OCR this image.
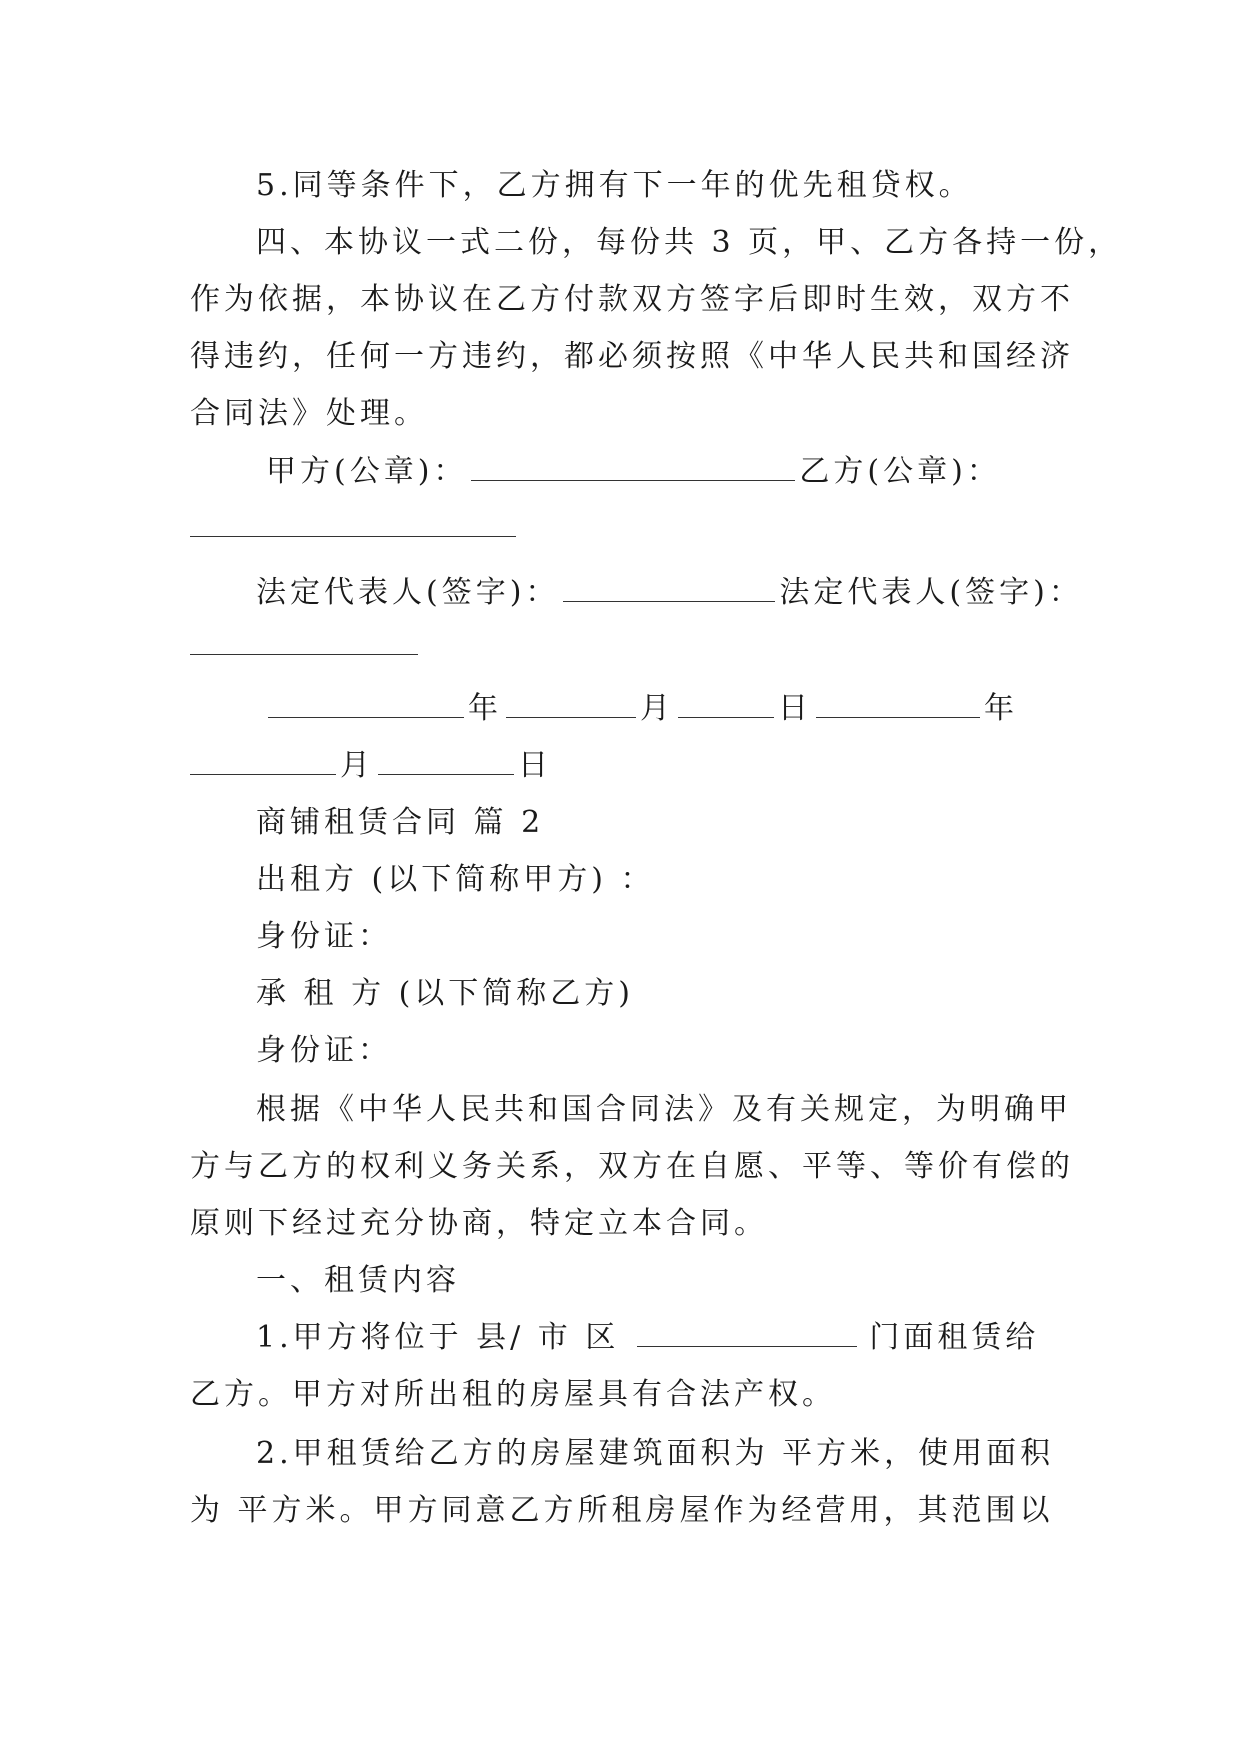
5.同等条件下，乙方拥有下一年的优先租贷权。

四、本协议一式二份，每份共 3 页，甲、乙方各持一份，

作为依据，本协议在乙方付款双方签字后即时生效，双方不

得违约，任何一方违约，都必须按照《中华人民共和国经济

合同法》处理。

甲方(公章)：	乙方(公章)：

法定代表人(签字)：	法定代表人(签字)：

年	月	日	年

月	日

商铺租赁合同 篇 2

出租方 (以下简称甲方) ：

身份证：

承 租 方 (以下简称乙方)

身份证：

根据《中华人民共和国合同法》及有关规定，为明确甲

方与乙方的权利义务关系，双方在自愿、平等、等价有偿的

原则下经过充分协商，特定立本合同。

一、租赁内容

1.甲方将位于 县/ 市 区	门面租赁给

乙方。甲方对所出租的房屋具有合法产权。

2.甲租赁给乙方的房屋建筑面积为 平方米，使用面积

为 平方米。甲方同意乙方所租房屋作为经营用，其范围以
